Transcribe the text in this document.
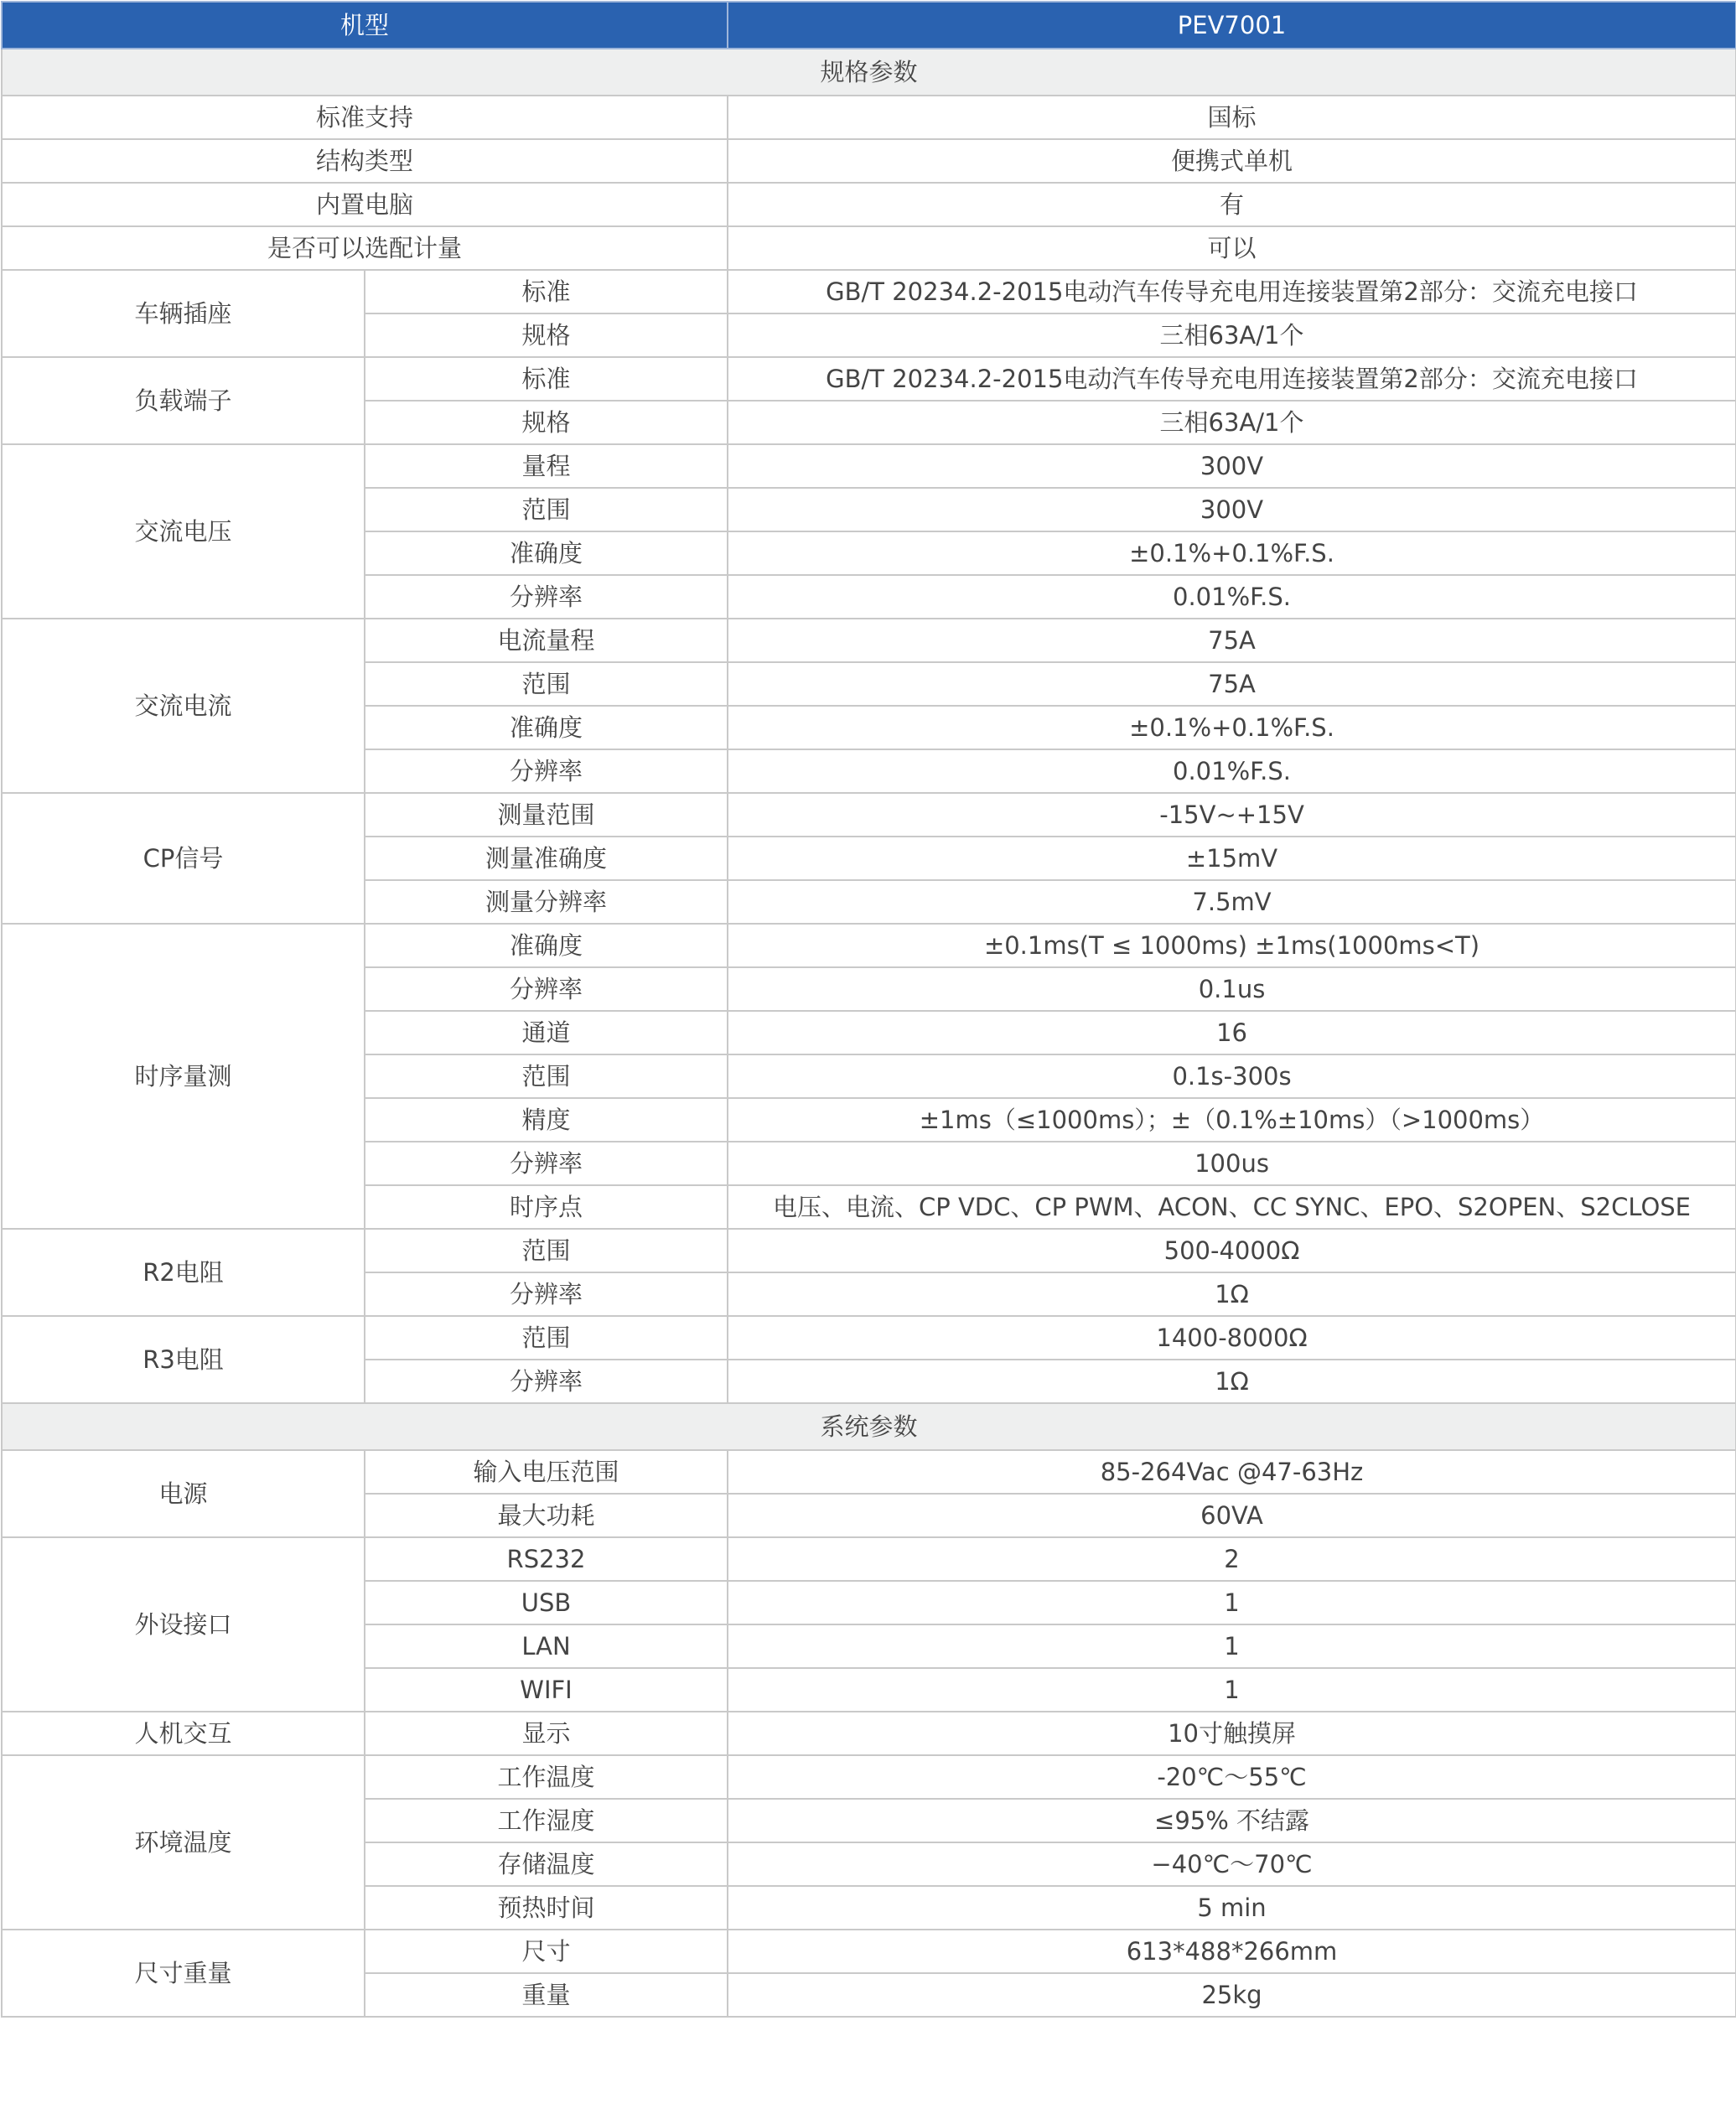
机型		PEV7001
规格参数		
标准支持		国标
结构类型		便携式单机
内置电脑		有
是否可以选配计量		可以
车辆插座	标准	GB/T 20234.2-2015电动汽车传导充电用连接装置第2部分：交流充电接口
	规格	三相63A/1个
负载端子	标准	GB/T 20234.2-2015电动汽车传导充电用连接装置第2部分：交流充电接口
	规格	三相63A/1个
交流电压	量程	300V
	范围	300V
	准确度	±0.1%+0.1%F.S.
	分辨率	0.01%F.S.
交流电流	电流量程	75A
	范围	75A
	准确度	±0.1%+0.1%F.S.
	分辨率	0.01%F.S.
CP信号	测量范围	-15V~+15V
	测量准确度	±15mV
	测量分辨率	7.5mV
时序量测	准确度	±0.1ms(T ≤ 1000ms) ±1ms(1000ms<T)
	分辨率	0.1us
	通道	16
	范围	0.1s-300s
	精度	±1ms（≤1000ms）；±（0.1%±10ms）（>1000ms）
	分辨率	100us
	时序点	电压、电流、CP VDC、CP PWM、ACON、CC SYNC、EPO、S2OPEN、S2CLOSE
R2电阻	范围	500-4000Ω
	分辨率	1Ω
R3电阻	范围	1400-8000Ω
	分辨率	1Ω
系统参数		
电源	输入电压范围	85-264Vac @47-63Hz
	最大功耗	60VA
外设接口	RS232	2
	USB	1
	LAN	1
	WIFI	1
人机交互	显示	10寸触摸屏
环境温度	工作温度	-20℃～55℃
	工作湿度	≤95% 不结露
	存储温度	−40℃～70℃
	预热时间	5 min
尺寸重量	尺寸	613*488*266mm
	重量	25kg
